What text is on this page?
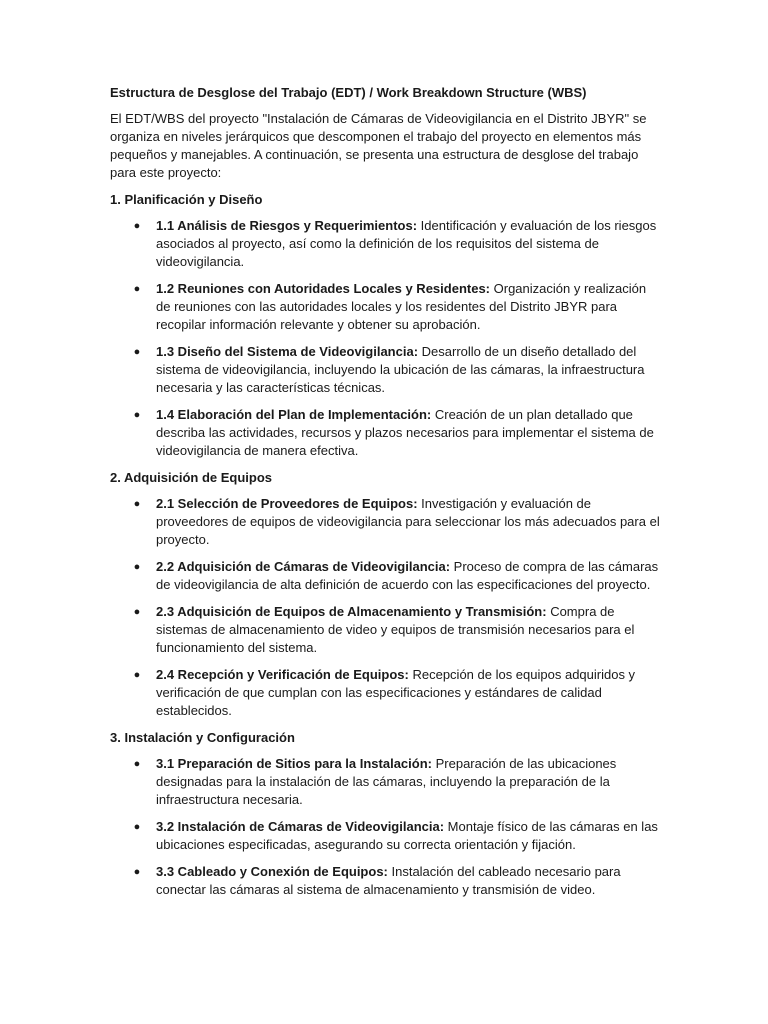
Estructura de Desglose del Trabajo (EDT) / Work Breakdown Structure (WBS)

El EDT/WBS del proyecto "Instalación de Cámaras de Videovigilancia en el Distrito JBYR" se organiza en niveles jerárquicos que descomponen el trabajo del proyecto en elementos más pequeños y manejables. A continuación, se presenta una estructura de desglose del trabajo para este proyecto:

1. Planificación y Diseño

● 1.1 Análisis de Riesgos y Requerimientos: Identificación y evaluación de los riesgos asociados al proyecto, así como la definición de los requisitos del sistema de videovigilancia.
● 1.2 Reuniones con Autoridades Locales y Residentes: Organización y realización de reuniones con las autoridades locales y los residentes del Distrito JBYR para recopilar información relevante y obtener su aprobación.
● 1.3 Diseño del Sistema de Videovigilancia: Desarrollo de un diseño detallado del sistema de videovigilancia, incluyendo la ubicación de las cámaras, la infraestructura necesaria y las características técnicas.
● 1.4 Elaboración del Plan de Implementación: Creación de un plan detallado que describa las actividades, recursos y plazos necesarios para implementar el sistema de videovigilancia de manera efectiva.

2. Adquisición de Equipos

● 2.1 Selección de Proveedores de Equipos: Investigación y evaluación de proveedores de equipos de videovigilancia para seleccionar los más adecuados para el proyecto.
● 2.2 Adquisición de Cámaras de Videovigilancia: Proceso de compra de las cámaras de videovigilancia de alta definición de acuerdo con las especificaciones del proyecto.
● 2.3 Adquisición de Equipos de Almacenamiento y Transmisión: Compra de sistemas de almacenamiento de video y equipos de transmisión necesarios para el funcionamiento del sistema.
● 2.4 Recepción y Verificación de Equipos: Recepción de los equipos adquiridos y verificación de que cumplan con las especificaciones y estándares de calidad establecidos.

3. Instalación y Configuración

● 3.1 Preparación de Sitios para la Instalación: Preparación de las ubicaciones designadas para la instalación de las cámaras, incluyendo la preparación de la infraestructura necesaria.
● 3.2 Instalación de Cámaras de Videovigilancia: Montaje físico de las cámaras en las ubicaciones especificadas, asegurando su correcta orientación y fijación.
● 3.3 Cableado y Conexión de Equipos: Instalación del cableado necesario para conectar las cámaras al sistema de almacenamiento y transmisión de video.
